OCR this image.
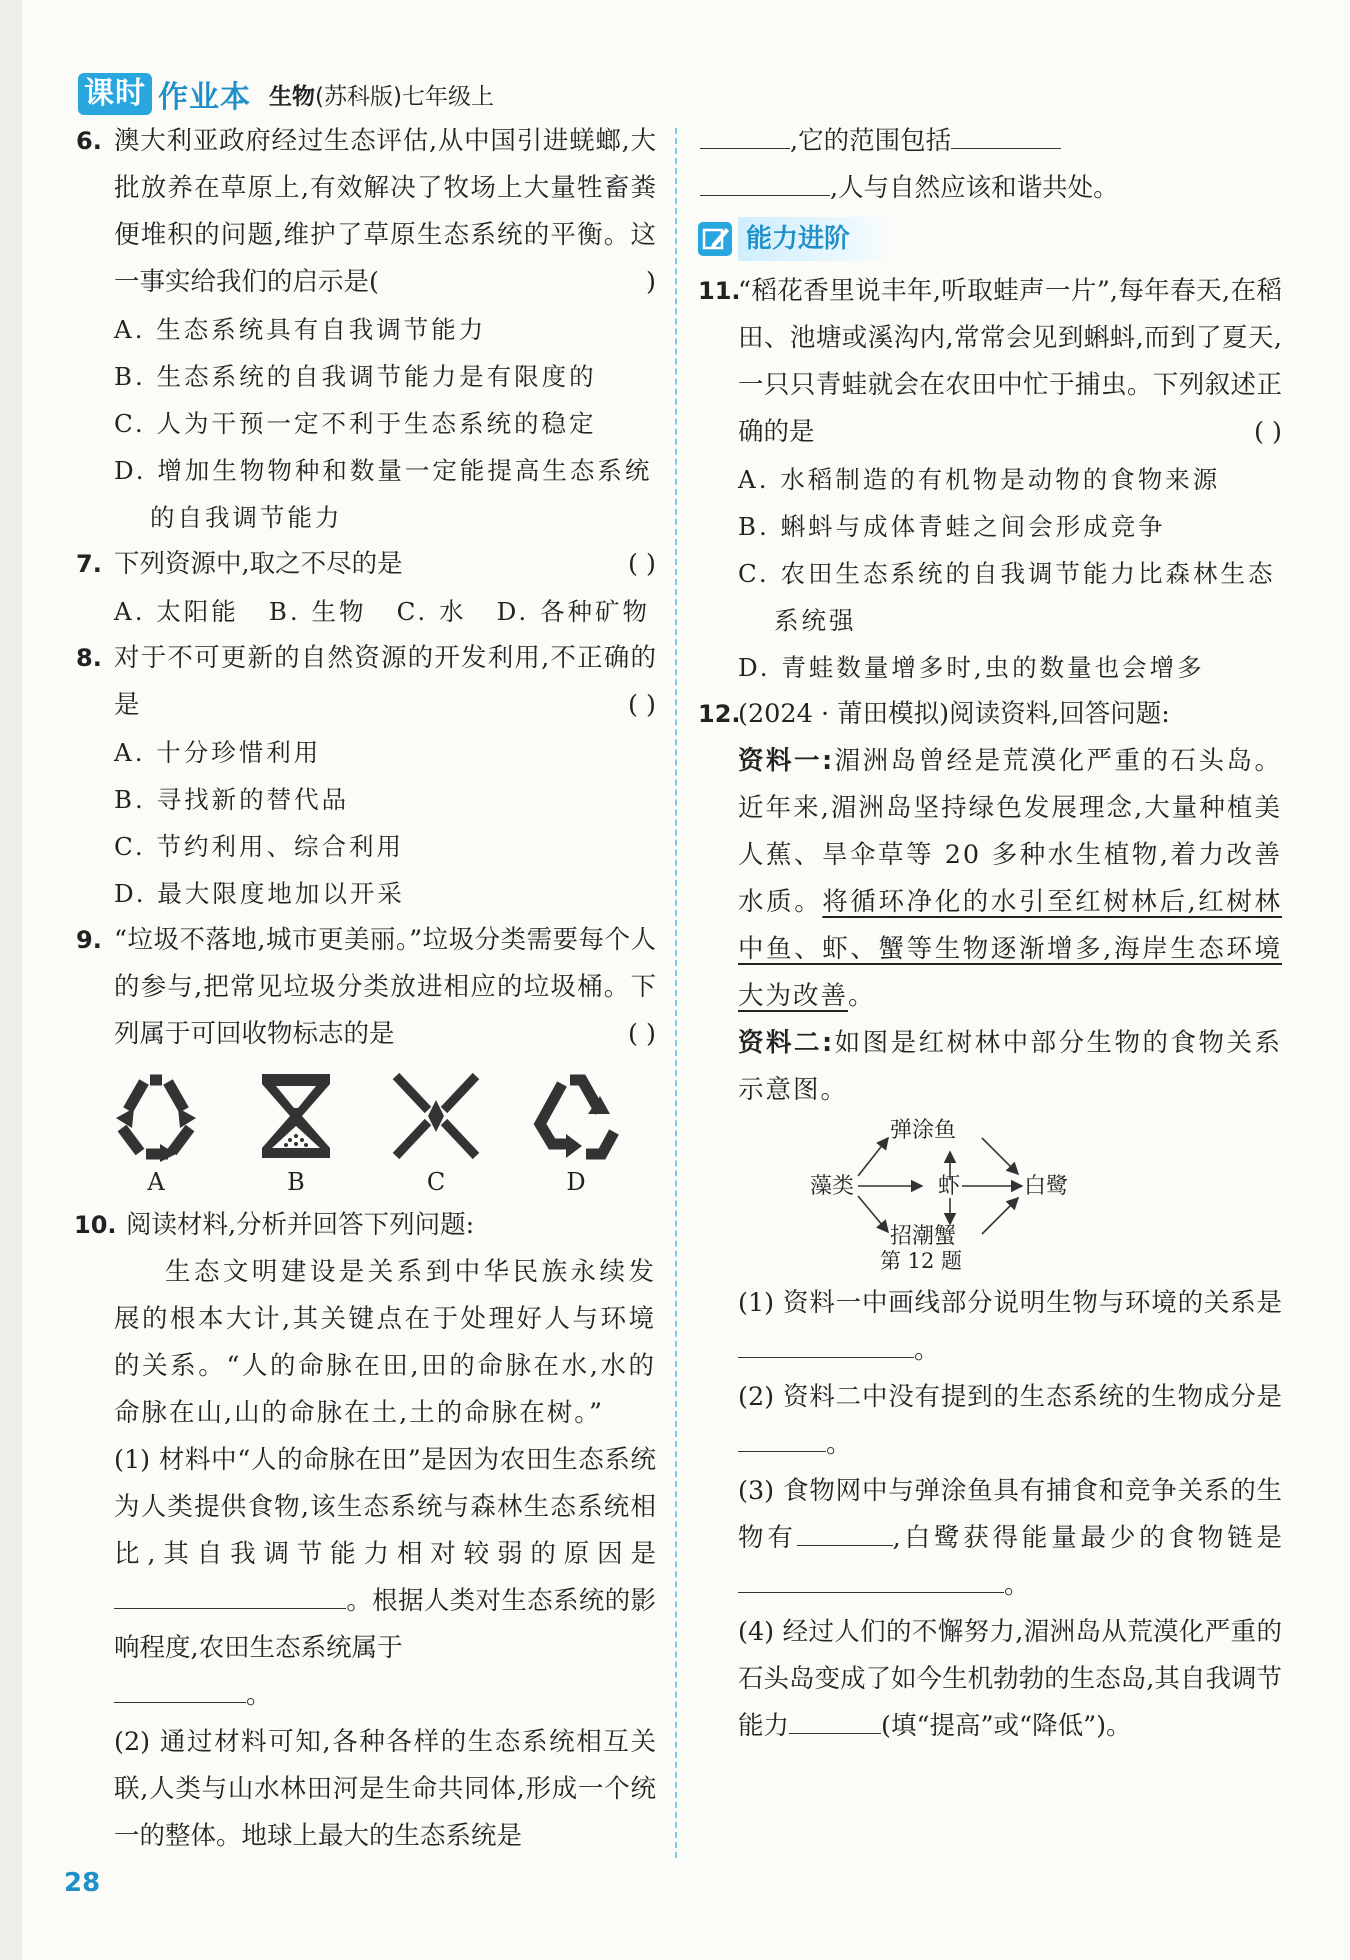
课时 作业本 生物(苏科版)七年级上
6. 澳大利亚政府经过生态评估,从中国引进蜣螂,大批放养在草原上,有效解决了牧场上大量牲畜粪便堆积的问题,维护了草原生态系统的平衡。这一事实给我们的启示是(	)
A. 生态系统具有自我调节能力
B. 生态系统的自我调节能力是有限度的
C. 人为干预一定不利于生态系统的稳定
D. 增加生物物种和数量一定能提高生态系统的自我调节能力
7. 下列资源中,取之不尽的是	( )
A. 太阳能 B. 生物 C. 水 D. 各种矿物
8. 对于不可更新的自然资源的开发利用,不正确的是	( )
A. 十分珍惜利用
B. 寻找新的替代品
C. 节约利用、综合利用
D. 最大限度地加以开采
9. “垃圾不落地,城市更美丽。”垃圾分类需要每个人的参与,把常见垃圾分类放进相应的垃圾桶。下列属于可回收物标志的是	( )
A	B	C	D
10. 阅读材料,分析并回答下列问题:
生态文明建设是关系到中华民族永续发展的根本大计,其关键点在于处理好人与环境的关系。“人的命脉在田,田的命脉在水,水的命脉在山,山的命脉在土,土的命脉在树。”
(1) 材料中“人的命脉在田”是因为农田生态系统为人类提供食物,该生态系统与森林生态系统相比,其自我调节能力相对较弱的原因是。根据人类对生态系统的影响程度,农田生态系统属于
。
(2) 通过材料可知,各种各样的生态系统相互关联,人类与山水林田河是生命共同体,形成一个统一的整体。地球上最大的生态系统是
,它的范围包括
,人与自然应该和谐共处。
能力进阶
11.
“稻花香里说丰年,听取蛙声一片”,每年春天,在稻田、池塘或溪沟内,常常会见到蝌蚪,而到了夏天,一只只青蛙就会在农田中忙于捕虫。下列叙述正确的是	( )
A. 水稻制造的有机物是动物的食物来源
B. 蝌蚪与成体青蛙之间会形成竞争
C. 农田生态系统的自我调节能力比森林生态系统强
D. 青蛙数量增多时,虫的数量也会增多
12.
(2024 · 莆田模拟)阅读资料,回答问题:
资料一:湄洲岛曾经是荒漠化严重的石头岛。近年来,湄洲岛坚持绿色发展理念,大量种植美人蕉、旱伞草等 20 多种水生植物,着力改善水质。将循环净化的水引至红树林后,红树林中鱼、虾、蟹等生物逐渐增多,海岸生态环境大为改善。
资料二:如图是红树林中部分生物的食物关系示意图。
弹涂鱼
藻类	虾	白鹭
招潮蟹
第 12 题
(1) 资料一中画线部分说明生物与环境的关系是。
(2) 资料二中没有提到的生态系统的生物成分是。
(3) 食物网中与弹涂鱼具有捕食和竞争关系的生物有	,白鹭获得能量最少的食物链是。
(4) 经过人们的不懈努力,湄洲岛从荒漠化严重的石头岛变成了如今生机勃勃的生态岛,其自我调节能力	(填“提高”或“降低”)。
28
